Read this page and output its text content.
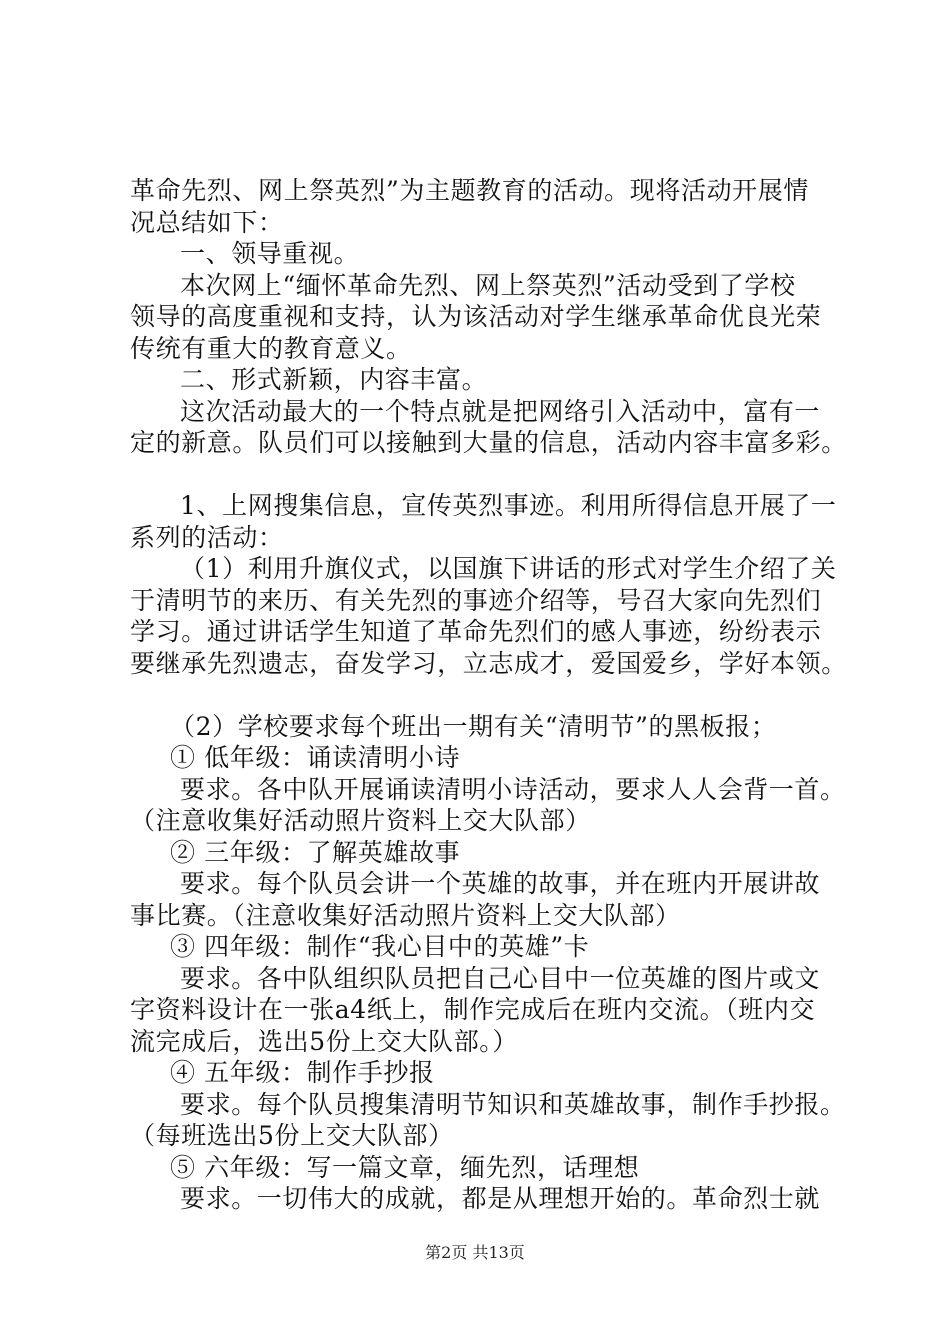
革命先烈、网上祭英烈”为主题教育的活动。现将活动开展情
况总结如下：
一、领导重视。
本次网上“缅怀革命先烈、网上祭英烈”活动受到了学校
领导的高度重视和支持，认为该活动对学生继承革命优良光荣
传统有重大的教育意义。
二、形式新颖，内容丰富。
这次活动最大的一个特点就是把网络引入活动中，富有一
定的新意。队员们可以接触到大量的信息，活动内容丰富多彩。
1、上网搜集信息，宣传英烈事迹。利用所得信息开展了一
系列的活动：
（1）利用升旗仪式，以国旗下讲话的形式对学生介绍了关
于清明节的来历、有关先烈的事迹介绍等，号召大家向先烈们
学习。通过讲话学生知道了革命先烈们的感人事迹，纷纷表示
要继承先烈遗志，奋发学习，立志成才，爱国爱乡，学好本领。
（2）学校要求每个班出一期有关“清明节”的黑板报；
① 低年级：诵读清明小诗
要求。各中队开展诵读清明小诗活动，要求人人会背一首。
（注意收集好活动照片资料上交大队部）
② 三年级：了解英雄故事
要求。每个队员会讲一个英雄的故事，并在班内开展讲故
事比赛。（注意收集好活动照片资料上交大队部）
③ 四年级：制作“我心目中的英雄”卡
要求。各中队组织队员把自己心目中一位英雄的图片或文
字资料设计在一张a4纸上，制作完成后在班内交流。（班内交
流完成后，选出5份上交大队部。）
④ 五年级：制作手抄报
要求。每个队员搜集清明节知识和英雄故事，制作手抄报。
（每班选出5份上交大队部）
⑤ 六年级：写一篇文章，缅先烈，话理想
要求。一切伟大的成就，都是从理想开始的。革命烈士就
第2页 共13页
